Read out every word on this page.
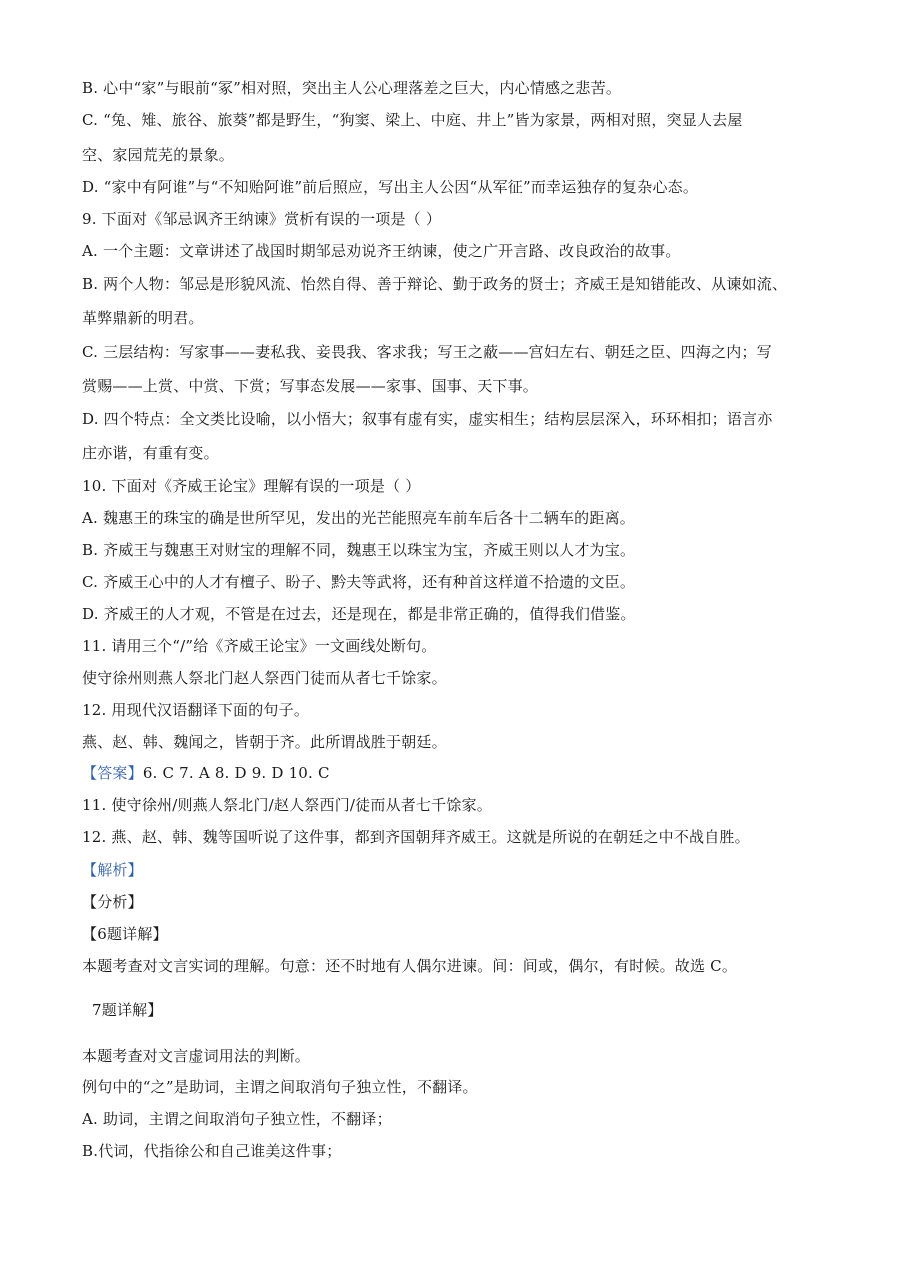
B. 心中“家”与眼前“冢”相对照，突出主人公心理落差之巨大，内心情感之悲苦。
C. “兔、雉、旅谷、旅葵”都是野生，“狗窦、梁上、中庭、井上”皆为家景，两相对照，突显人去屋
空、家园荒芜的景象。
D. “家中有阿谁”与“不知贻阿谁”前后照应，写出主人公因“从军征”而幸运独存的复杂心态。
9. 下面对《邹忌讽齐王纳谏》赏析有误的一项是（ ）
A. 一个主题：文章讲述了战国时期邹忌劝说齐王纳谏，使之广开言路、改良政治的故事。
B. 两个人物：邹忌是形貌风流、怡然自得、善于辩论、勤于政务的贤士；齐威王是知错能改、从谏如流、
革弊鼎新的明君。
C. 三层结构：写家事——妻私我、妾畏我、客求我；写王之蔽——宫妇左右、朝廷之臣、四海之内；写
赏赐——上赏、中赏、下赏；写事态发展——家事、国事、天下事。
D. 四个特点：全文类比设喻，以小悟大；叙事有虚有实，虚实相生；结构层层深入，环环相扣；语言亦
庄亦谐，有重有变。
10. 下面对《齐威王论宝》理解有误的一项是（ ）
A. 魏惠王的珠宝的确是世所罕见，发出的光芒能照亮车前车后各十二辆车的距离。
B. 齐威王与魏惠王对财宝的理解不同，魏惠王以珠宝为宝，齐威王则以人才为宝。
C. 齐威王心中的人才有檀子、盼子、黔夫等武将，还有种首这样道不拾遗的文臣。
D. 齐威王的人才观，不管是在过去，还是现在，都是非常正确的，值得我们借鉴。
11. 请用三个“/”给《齐威王论宝》一文画线处断句。
使守徐州则燕人祭北门赵人祭西门徒而从者七千馀家。
12. 用现代汉语翻译下面的句子。
燕、赵、韩、魏闻之，皆朝于齐。此所谓战胜于朝廷。
【答案】6. C 7. A 8. D 9. D 10. C
11. 使守徐州/则燕人祭北门/赵人祭西门/徒而从者七千馀家。
12. 燕、赵、韩、魏等国听说了这件事，都到齐国朝拜齐威王。这就是所说的在朝廷之中不战自胜。
【解析】
【分析】
【6题详解】
本题考查对文言实词的理解。句意：还不时地有人偶尔进谏。间：间或，偶尔，有时候。故选 C。
7题详解】
本题考查对文言虚词用法的判断。
例句中的“之”是助词，主谓之间取消句子独立性，不翻译。
A. 助词，主谓之间取消句子独立性，不翻译；
B.代词，代指徐公和自己谁美这件事；
